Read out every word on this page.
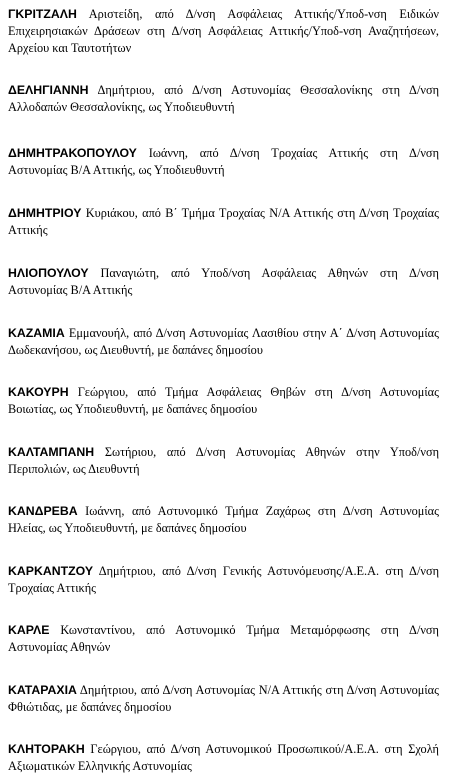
ΓΚΡΙΤΖΑΛΗ Αριστείδη, από Δ/νση Ασφάλειας Αττικής/Υποδ-νση Ειδικών Επιχειρησιακών Δράσεων στη Δ/νση Ασφάλειας Αττικής/Υποδ-νση Αναζητήσεων, Αρχείου και Ταυτοτήτων

ΔΕΛΗΓΙΑΝΝΗ Δημήτριου, από Δ/νση Αστυνομίας Θεσσαλονίκης στη Δ/νση Αλλοδαπών Θεσσαλονίκης, ως Υποδιευθυντή

ΔΗΜΗΤΡΑΚΟΠΟΥΛΟΥ Ιωάννη, από Δ/νση Τροχαίας Αττικής στη Δ/νση Αστυνομίας Β/Α Αττικής, ως Υποδιευθυντή

ΔΗΜΗΤΡΙΟΥ Κυριάκου, από Β΄ Τμήμα Τροχαίας Ν/Α Αττικής στη Δ/νση Τροχαίας Αττικής

ΗΛΙΟΠΟΥΛΟΥ Παναγιώτη, από Υποδ/νση Ασφάλειας Αθηνών στη Δ/νση Αστυνομίας Β/Α Αττικής

ΚΑΖΑΜΙΑ Εμμανουήλ, από Δ/νση Αστυνομίας Λασιθίου στην Α΄ Δ/νση Αστυνομίας Δωδεκανήσου, ως Διευθυντή, με δαπάνες δημοσίου

ΚΑΚΟΥΡΗ Γεώργιου, από Τμήμα Ασφάλειας Θηβών στη Δ/νση Αστυνομίας Βοιωτίας, ως Υποδιευθυντή, με δαπάνες δημοσίου

ΚΑΛΤΑΜΠΑΝΗ Σωτήριου, από Δ/νση Αστυνομίας Αθηνών στην Υποδ/νση Περιπολιών, ως Διευθυντή

ΚΑΝΔΡΕΒΑ Ιωάννη, από Αστυνομικό Τμήμα Ζαχάρως στη Δ/νση Αστυνομίας Ηλείας, ως Υποδιευθυντή, με δαπάνες δημοσίου

ΚΑΡΚΑΝΤΖΟΥ Δημήτριου, από Δ/νση Γενικής Αστυνόμευσης/Α.Ε.Α. στη Δ/νση Τροχαίας Αττικής

ΚΑΡΛΕ Κωνσταντίνου, από Αστυνομικό Τμήμα Μεταμόρφωσης στη Δ/νση Αστυνομίας Αθηνών

ΚΑΤΑΡΑΧΙΑ Δημήτριου, από Δ/νση Αστυνομίας Ν/Α Αττικής στη Δ/νση Αστυνομίας Φθιώτιδας, με δαπάνες δημοσίου

ΚΛΗΤΟΡΑΚΗ Γεώργιου, από Δ/νση Αστυνομικού Προσωπικού/Α.Ε.Α. στη Σχολή Αξιωματικών Ελληνικής Αστυνομίας
